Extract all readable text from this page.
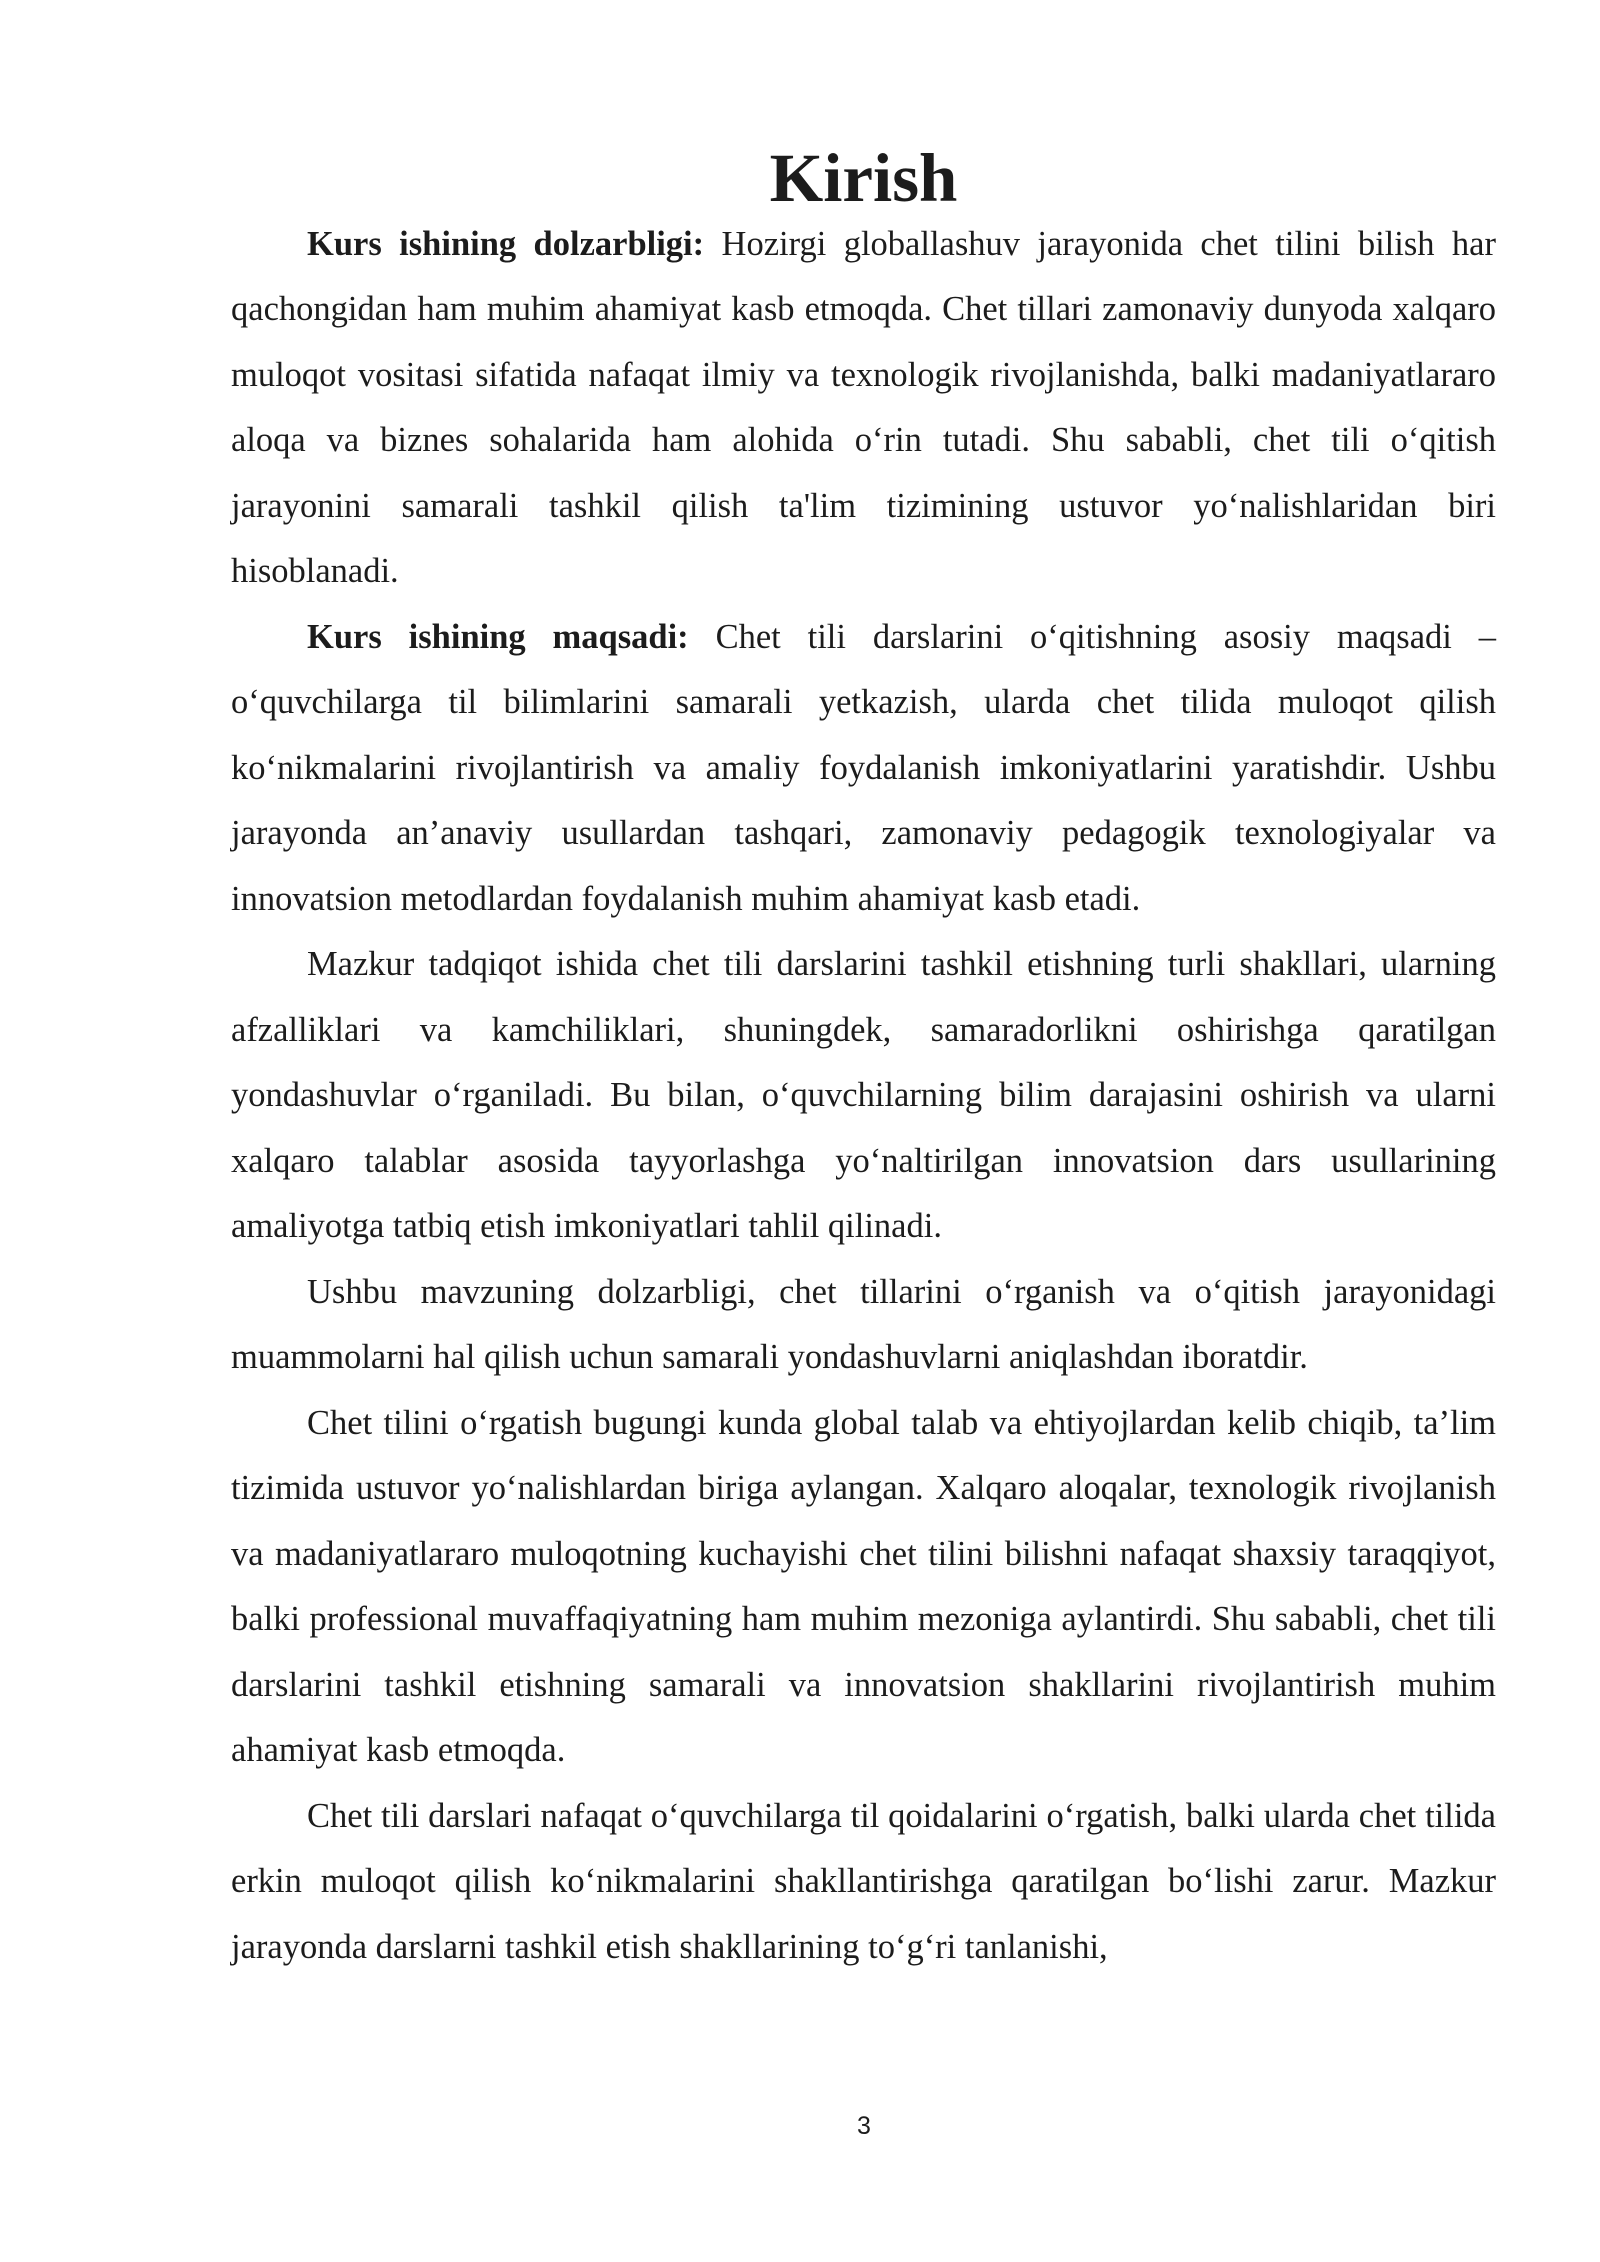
Kirish

Kurs ishining dolzarbligi: Hozirgi globallashuv jarayonida chet tilini bilish har qachongidan ham muhim ahamiyat kasb etmoqda. Chet tillari zamonaviy dunyoda xalqaro muloqot vositasi sifatida nafaqat ilmiy va texnologik rivojlanishda, balki madaniyatlararo aloqa va biznes sohalarida ham alohida o‘rin tutadi. Shu sababli, chet tili o‘qitish jarayonini samarali tashkil qilish ta'lim tizimining ustuvor yo‘nalishlaridan biri hisoblanadi.

Kurs ishining maqsadi: Chet tili darslarini o‘qitishning asosiy maqsadi – o‘quvchilarga til bilimlarini samarali yetkazish, ularda chet tilida muloqot qilish ko‘nikmalarini rivojlantirish va amaliy foydalanish imkoniyatlarini yaratishdir. Ushbu jarayonda an’anaviy usullardan tashqari, zamonaviy pedagogik texnologiyalar va innovatsion metodlardan foydalanish muhim ahamiyat kasb etadi.

Mazkur tadqiqot ishida chet tili darslarini tashkil etishning turli shakllari, ularning afzalliklari va kamchiliklari, shuningdek, samaradorlikni oshirishga qaratilgan yondashuvlar o‘rganiladi. Bu bilan, o‘quvchilarning bilim darajasini oshirish va ularni xalqaro talablar asosida tayyorlashga yo‘naltirilgan innovatsion dars usullarining amaliyotga tatbiq etish imkoniyatlari tahlil qilinadi.

Ushbu mavzuning dolzarbligi, chet tillarini o‘rganish va o‘qitish jarayonidagi muammolarni hal qilish uchun samarali yondashuvlarni aniqlashdan iboratdir.

Chet tilini o‘rgatish bugungi kunda global talab va ehtiyojlardan kelib chiqib, ta’lim tizimida ustuvor yo‘nalishlardan biriga aylangan. Xalqaro aloqalar, texnologik rivojlanish va madaniyatlararo muloqotning kuchayishi chet tilini bilishni nafaqat shaxsiy taraqqiyot, balki professional muvaffaqiyatning ham muhim mezoniga aylantirdi. Shu sababli, chet tili darslarini tashkil etishning samarali va innovatsion shakllarini rivojlantirish muhim ahamiyat kasb etmoqda.

Chet tili darslari nafaqat o‘quvchilarga til qoidalarini o‘rgatish, balki ularda chet tilida erkin muloqot qilish ko‘nikmalarini shakllantirishga qaratilgan bo‘lishi zarur. Mazkur jarayonda darslarni tashkil etish shakllarining to‘g‘ri tanlanishi,

3
